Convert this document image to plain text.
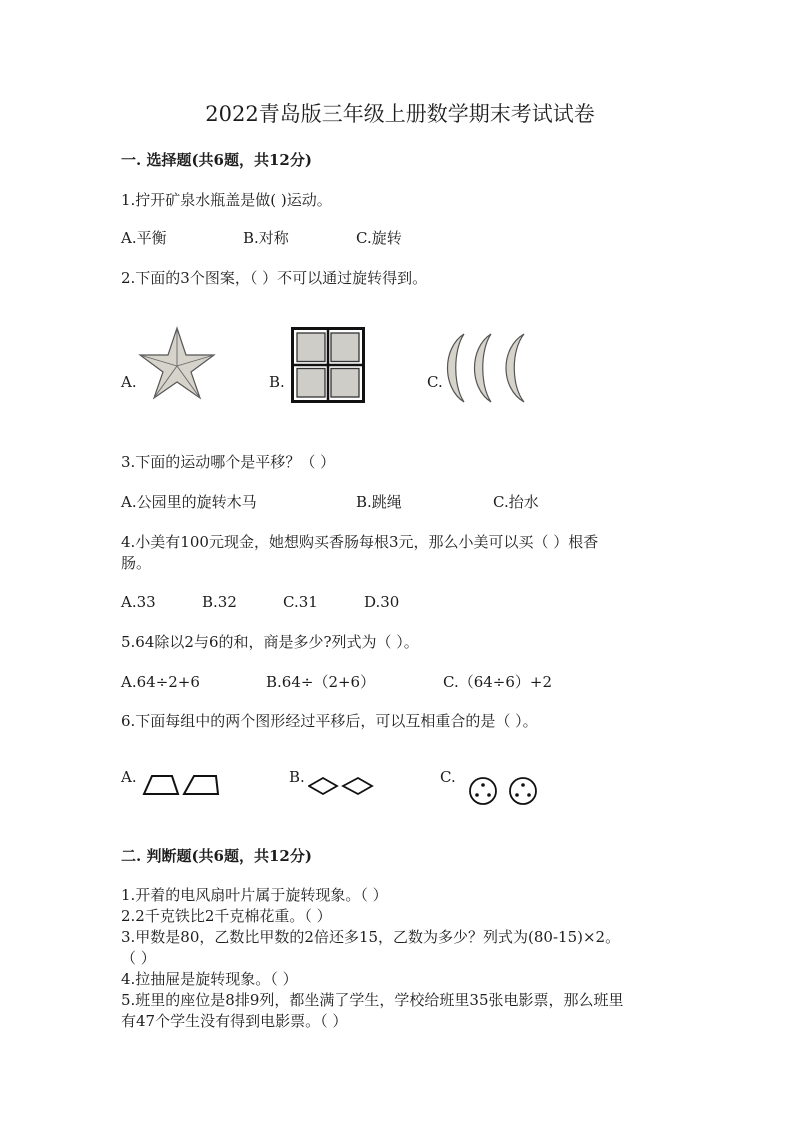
2022青岛版三年级上册数学期末考试试卷
一. 选择题(共6题，共12分)
1.拧开矿泉水瓶盖是做( )运动。
A.平衡	B.对称	C.旋转
2.下面的3个图案，（ ）不可以通过旋转得到。
A.	B.	C.
3.下面的运动哪个是平移？（ ）
A.公园里的旋转木马	B.跳绳	C.抬水
4.小美有100元现金，她想购买香肠每根3元，那么小美可以买（ ）根香
肠。
A.33	B.32	C.31	D.30
5.64除以2与6的和，商是多少?列式为（ ）。
A.64÷2+6	B.64÷（2+6）	C.（64÷6）+2
6.下面每组中的两个图形经过平移后，可以互相重合的是（ ）。
A.	B.	C.
二. 判断题(共6题，共12分)
1.开着的电风扇叶片属于旋转现象。（ ）
2.2千克铁比2千克棉花重。（ ）
3.甲数是80，乙数比甲数的2倍还多15，乙数为多少？列式为(80-15)×2。
（ ）
4.拉抽屉是旋转现象。（ ）
5.班里的座位是8排9列，都坐满了学生，学校给班里35张电影票，那么班里
有47个学生没有得到电影票。（ ）
